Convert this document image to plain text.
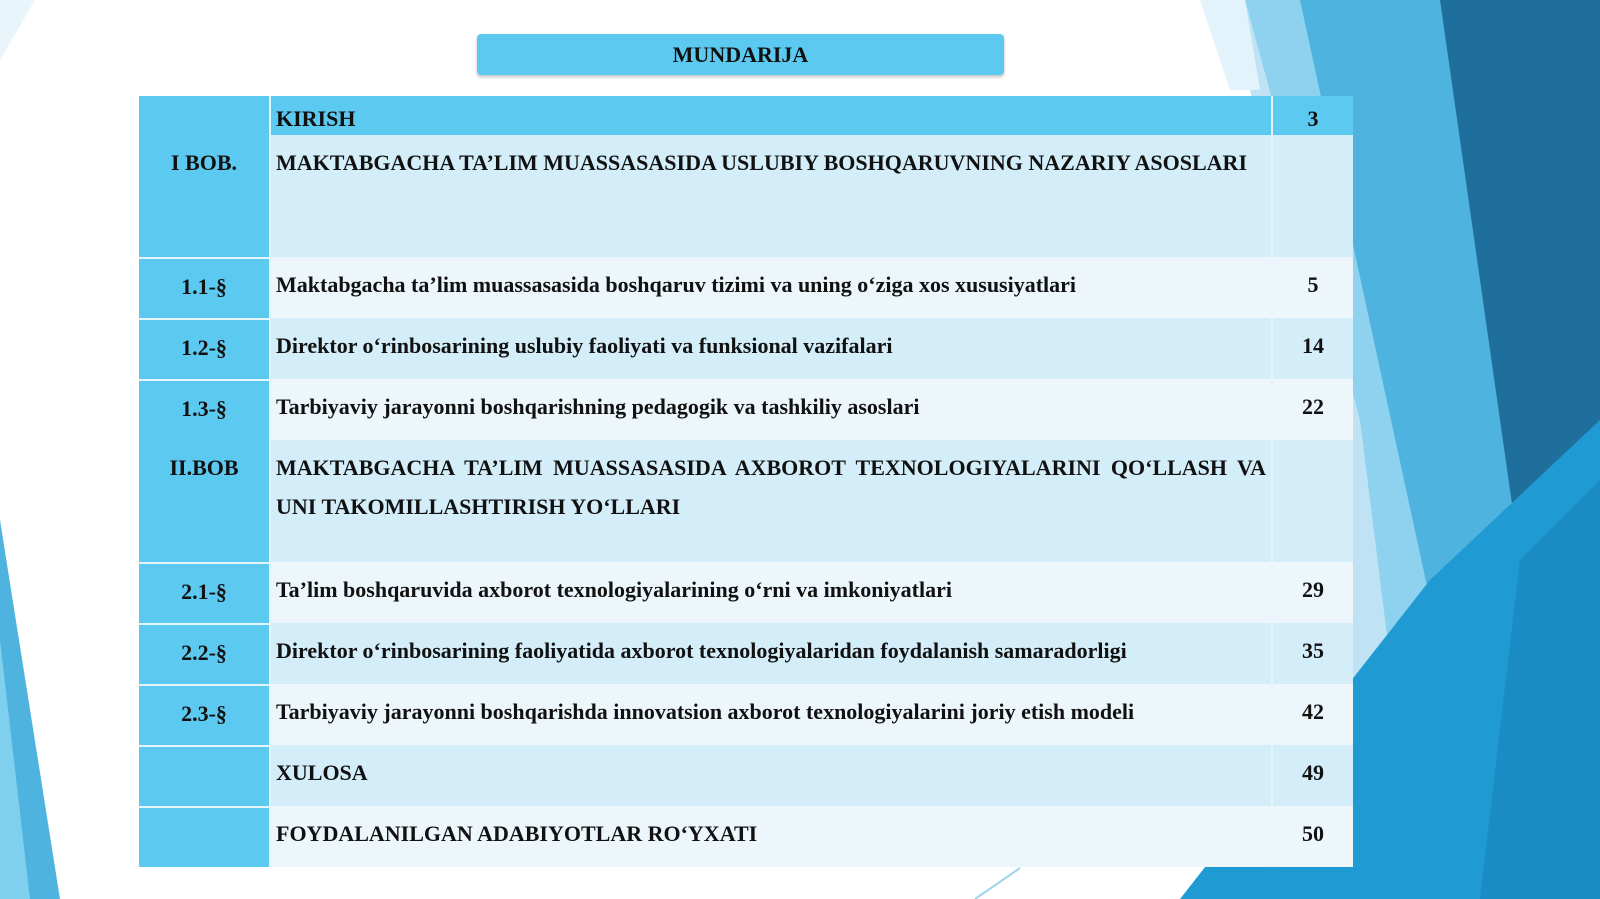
MUNDARIJA
	KIRISH	3
I BOB.	MAKTABGACHA TA’LIM MUASSASASIDA USLUBIY BOSHQARUVNING NAZARIY ASOSLARI	
1.1-§	Maktabgacha ta’lim muassasasida boshqaruv tizimi va uning o‘ziga xos xususiyatlari	5
1.2-§	Direktor o‘rinbosarining uslubiy faoliyati va funksional vazifalari	14
1.3-§	Tarbiyaviy jarayonni boshqarishning pedagogik va tashkiliy asoslari	22
II.BOB	MAKTABGACHA TA’LIM MUASSASASIDA AXBOROT TEXNOLOGIYALARINI QO‘LLASH VA UNI TAKOMILLASHTIRISH YO‘LLARI	
2.1-§	Ta’lim boshqaruvida axborot texnologiyalarining o‘rni va imkoniyatlari	29
2.2-§	Direktor o‘rinbosarining faoliyatida axborot texnologiyalaridan foydalanish samaradorligi	35
2.3-§	Tarbiyaviy jarayonni boshqarishda innovatsion axborot texnologiyalarini joriy etish modeli	42
	XULOSA	49
	FOYDALANILGAN ADABIYOTLAR RO‘YXATI	50
